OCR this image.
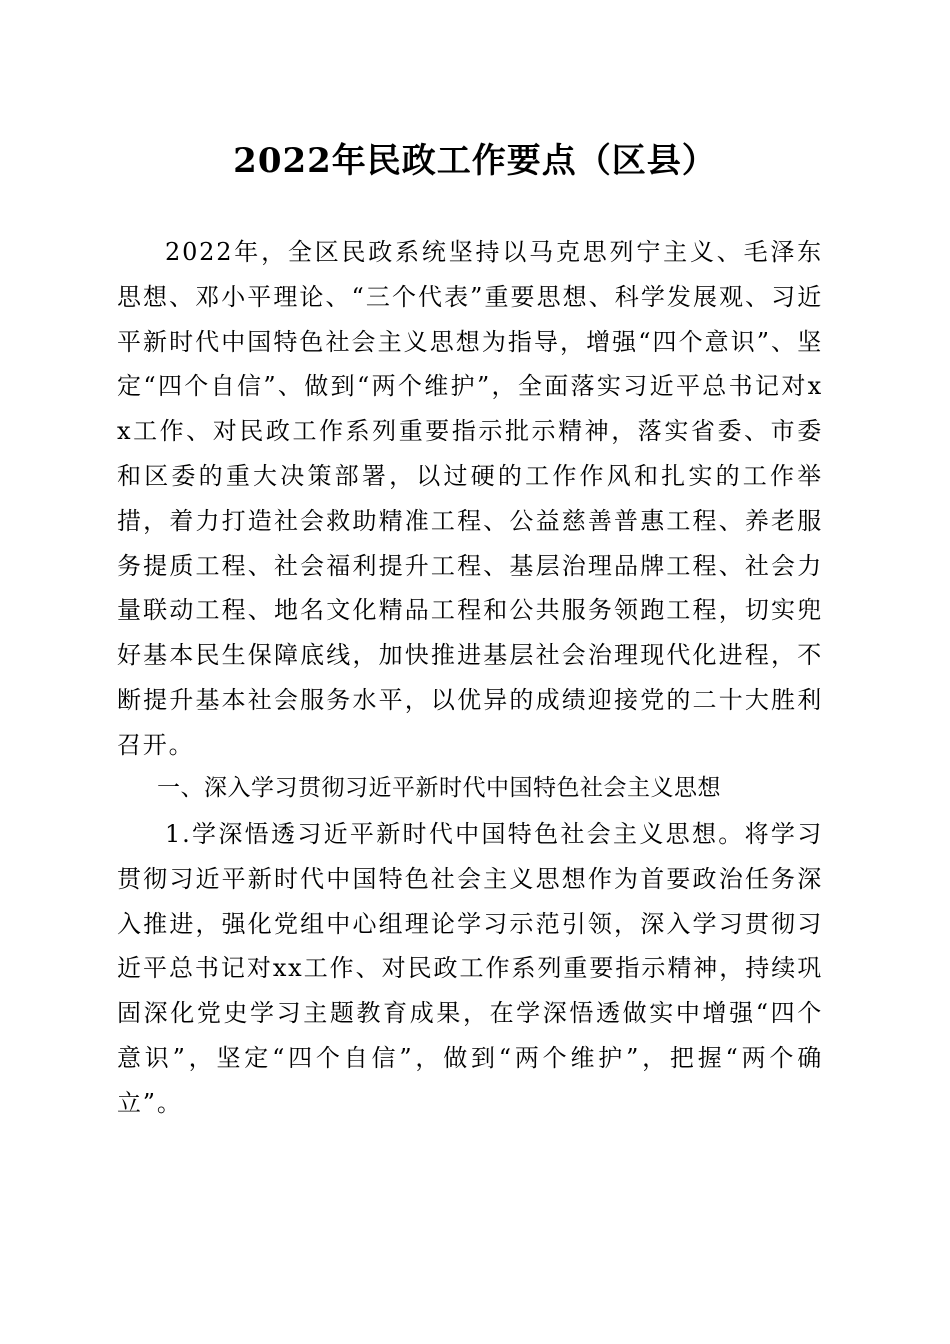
2022年民政工作要点（区县）

2022年，全区民政系统坚持以马克思列宁主义、毛泽东思想、邓小平理论、“三个代表”重要思想、科学发展观、习近平新时代中国特色社会主义思想为指导，增强“四个意识”、坚定“四个自信”、做到“两个维护”，全面落实习近平总书记对xx工作、对民政工作系列重要指示批示精神，落实省委、市委和区委的重大决策部署，以过硬的工作作风和扎实的工作举措，着力打造社会救助精准工程、公益慈善普惠工程、养老服务提质工程、社会福利提升工程、基层治理品牌工程、社会力量联动工程、地名文化精品工程和公共服务领跑工程，切实兜好基本民生保障底线，加快推进基层社会治理现代化进程，不断提升基本社会服务水平，以优异的成绩迎接党的二十大胜利召开。

一、深入学习贯彻习近平新时代中国特色社会主义思想

1.学深悟透习近平新时代中国特色社会主义思想。将学习贯彻习近平新时代中国特色社会主义思想作为首要政治任务深入推进，强化党组中心组理论学习示范引领，深入学习贯彻习近平总书记对xx工作、对民政工作系列重要指示精神，持续巩固深化党史学习主题教育成果，在学深悟透做实中增强“四个意识”，坚定“四个自信”，做到“两个维护”，把握“两个确立”。
